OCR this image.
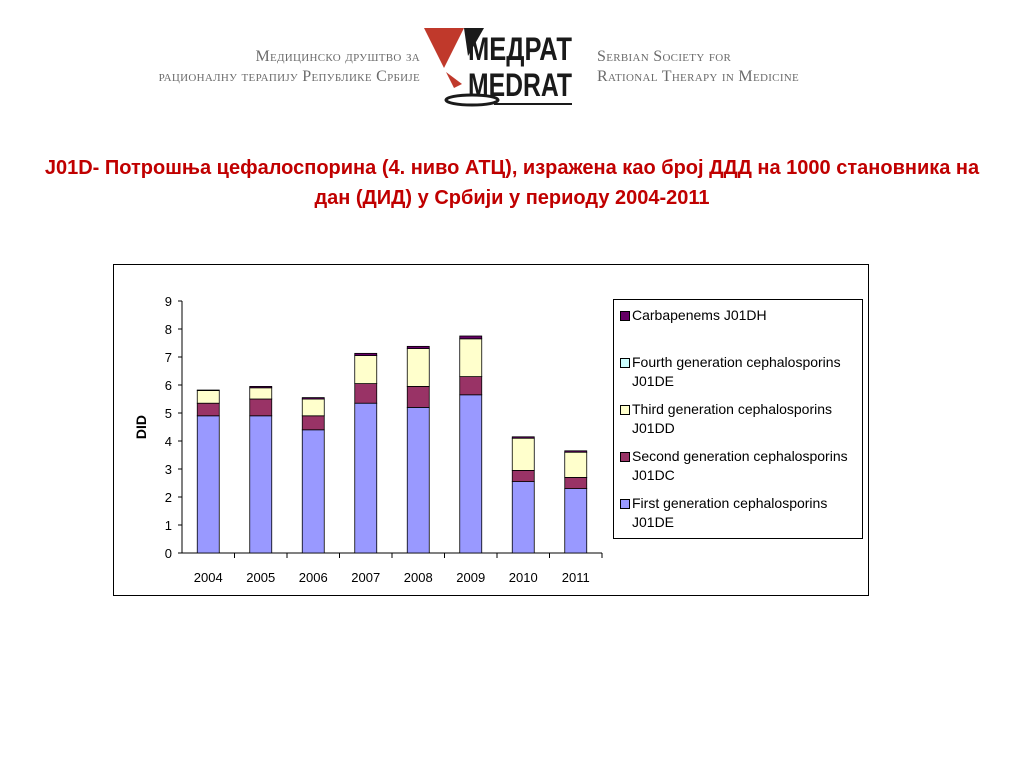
Медицинско друштво за
рационалну терапију Републике Србије
МЕДРАТ
MEDRAT
Serbian Society for
Rational Therapy in Medicine
J01D- Потрошња цефалоспорина (4. ниво АТЦ), изражена као број ДДД на 1000 становника на дан (ДИД) у Србији у периоду 2004-2011
0
1
2
3
4
5
6
7
8
9
DID
2004 2005 2006 2007 2008 2009 2010 2011
Carbapenems J01DH
Fourth generation cephalosporins J01DE
Third generation cephalosporins J01DD
Second generation cephalosporins J01DC
First generation cephalosporins J01DE
